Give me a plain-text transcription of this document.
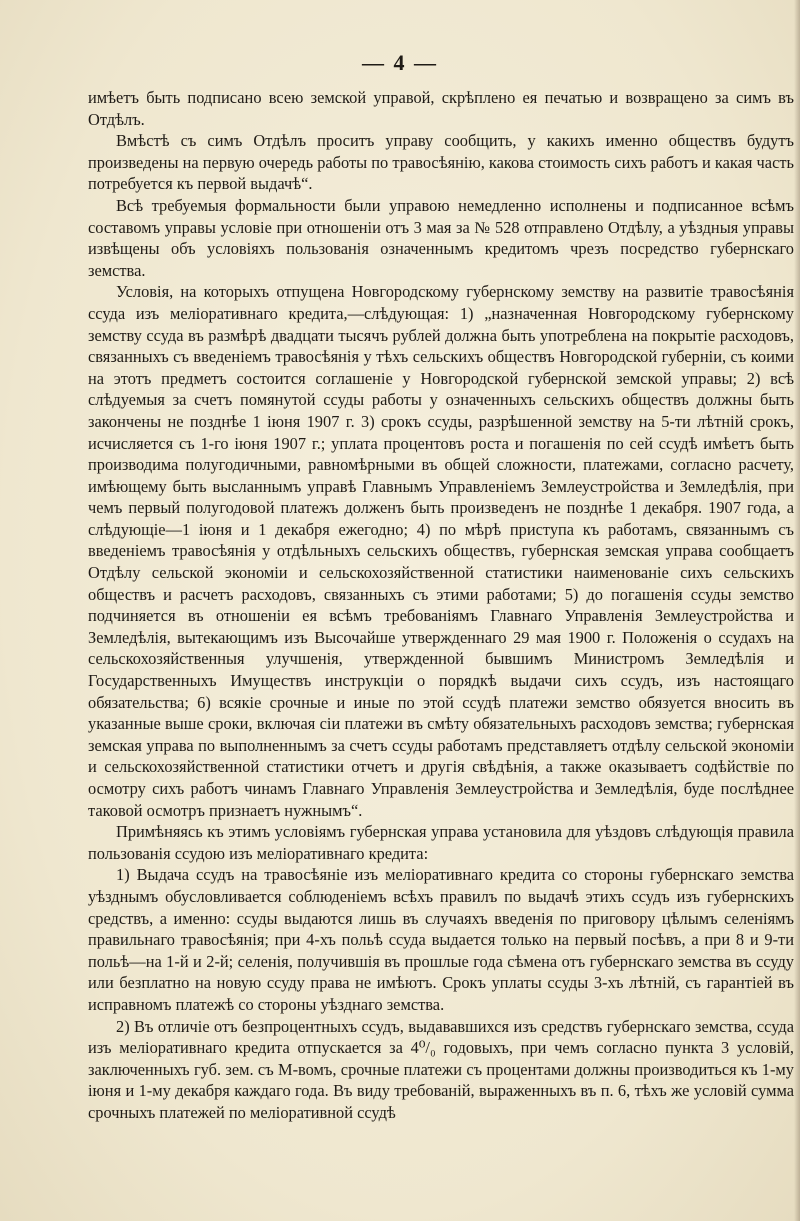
— 4 —

имѣетъ быть подписано всею земской управой, скрѣплено ея печатью и возвращено за симъ въ Отдѣлъ.

Вмѣстѣ съ симъ Отдѣлъ проситъ управу сообщить, у какихъ именно обществъ будутъ произведены на первую очередь работы по травосѣянію, какова стоимость сихъ работъ и какая часть потребуется къ первой выдачѣ“.

Всѣ требуемыя формальности были управою немедленно исполнены и подписанное всѣмъ составомъ управы условіе при отношеніи отъ 3 мая за № 528 отправлено Отдѣлу, а уѣздныя управы извѣщены объ условіяхъ пользованія означеннымъ кредитомъ чрезъ посредство губернскаго земства.

Условія, на которыхъ отпущена Новгородскому губернскому земству на развитіе травосѣянія ссуда изъ меліоративнаго кредита,—слѣдующая: 1) „назначенная Новгородскому губернскому земству ссуда въ размѣрѣ двадцати тысячъ рублей должна быть употреблена на покрытіе расходовъ, связанныхъ съ введеніемъ травосѣянія у тѣхъ сельскихъ обществъ Новгородской губерніи, съ коими на этотъ предметъ состоится соглашеніе у Новгородской губернской земской управы; 2) всѣ слѣдуемыя за счетъ помянутой ссуды работы у означенныхъ сельскихъ обществъ должны быть закончены не позднѣе 1 іюня 1907 г. 3) срокъ ссуды, разрѣшенной земству на 5-ти лѣтній срокъ, исчисляется съ 1-го іюня 1907 г.; уплата процентовъ роста и погашенія по сей ссудѣ имѣетъ быть производима полугодичными, равномѣрными въ общей сложности, платежами, согласно расчету, имѣющему быть высланнымъ управѣ Главнымъ Управленіемъ Землеустройства и Земледѣлія, при чемъ первый полугодовой платежъ долженъ быть произведенъ не позднѣе 1 декабря. 1907 года, а слѣдующіе—1 іюня и 1 декабря ежегодно; 4) по мѣрѣ приступа къ работамъ, связаннымъ съ введеніемъ травосѣянія у отдѣльныхъ сельскихъ обществъ, губернская земская управа сообщаетъ Отдѣлу сельской экономіи и сельскохозяйственной статистики наименованіе сихъ сельскихъ обществъ и расчетъ расходовъ, связанныхъ съ этими работами; 5) до погашенія ссуды земство подчиняется въ отношеніи ея всѣмъ требованіямъ Главнаго Управленія Землеустройства и Земледѣлія, вытекающимъ изъ Высочайше утвержденнаго 29 мая 1900 г. Положенія о ссудахъ на сельскохозяйственныя улучшенія, утвержденной бывшимъ Министромъ Земледѣлія и Государственныхъ Имуществъ инструкціи о порядкѣ выдачи сихъ ссудъ, изъ настоящаго обязательства; 6) всякіе срочные и иные по этой ссудѣ платежи земство обязуется вносить въ указанные выше сроки, включая сіи платежи въ смѣту обязательныхъ расходовъ земства; губернская земская управа по выполненнымъ за счетъ ссуды работамъ представляетъ отдѣлу сельской экономіи и сельскохозяйственной статистики отчетъ и другія свѣдѣнія, а также оказываетъ содѣйствіе по осмотру сихъ работъ чинамъ Главнаго Управленія Землеустройства и Земледѣлія, буде послѣднее таковой осмотръ признаетъ нужнымъ“.

Примѣняясь къ этимъ условіямъ губернская управа установила для уѣздовъ слѣдующія правила пользованія ссудою изъ меліоративнаго кредита:

1) Выдача ссудъ на травосѣяніе изъ меліоративнаго кредита со стороны губернскаго земства уѣзднымъ обусловливается соблюденіемъ всѣхъ правилъ по выдачѣ этихъ ссудъ изъ губернскихъ средствъ, а именно: ссуды выдаются лишь въ случаяхъ введенія по приговору цѣлымъ селеніямъ правильнаго травосѣянія; при 4-хъ польѣ ссуда выдается только на первый посѣвъ, а при 8 и 9-ти польѣ—на 1-й и 2-й; селенія, получившія въ прошлые года сѣмена отъ губернскаго земства въ ссуду или безплатно на новую ссуду права не имѣютъ. Срокъ уплаты ссуды 3-хъ лѣтній, съ гарантіей въ исправномъ платежѣ со стороны уѣзднаго земства.

2) Въ отличіе отъ безпроцентныхъ ссудъ, выдававшихся изъ средствъ губернскаго земства, ссуда изъ меліоративнаго кредита отпускается за 4⁰/₀ годовыхъ, при чемъ согласно пункта 3 условій, заключенныхъ губ. зем. съ М-вомъ, срочные платежи съ процентами должны производиться къ 1-му іюня и 1-му декабря каждаго года. Въ виду требованій, выраженныхъ въ п. 6, тѣхъ же условій сумма срочныхъ платежей по меліоративной ссудѣ
